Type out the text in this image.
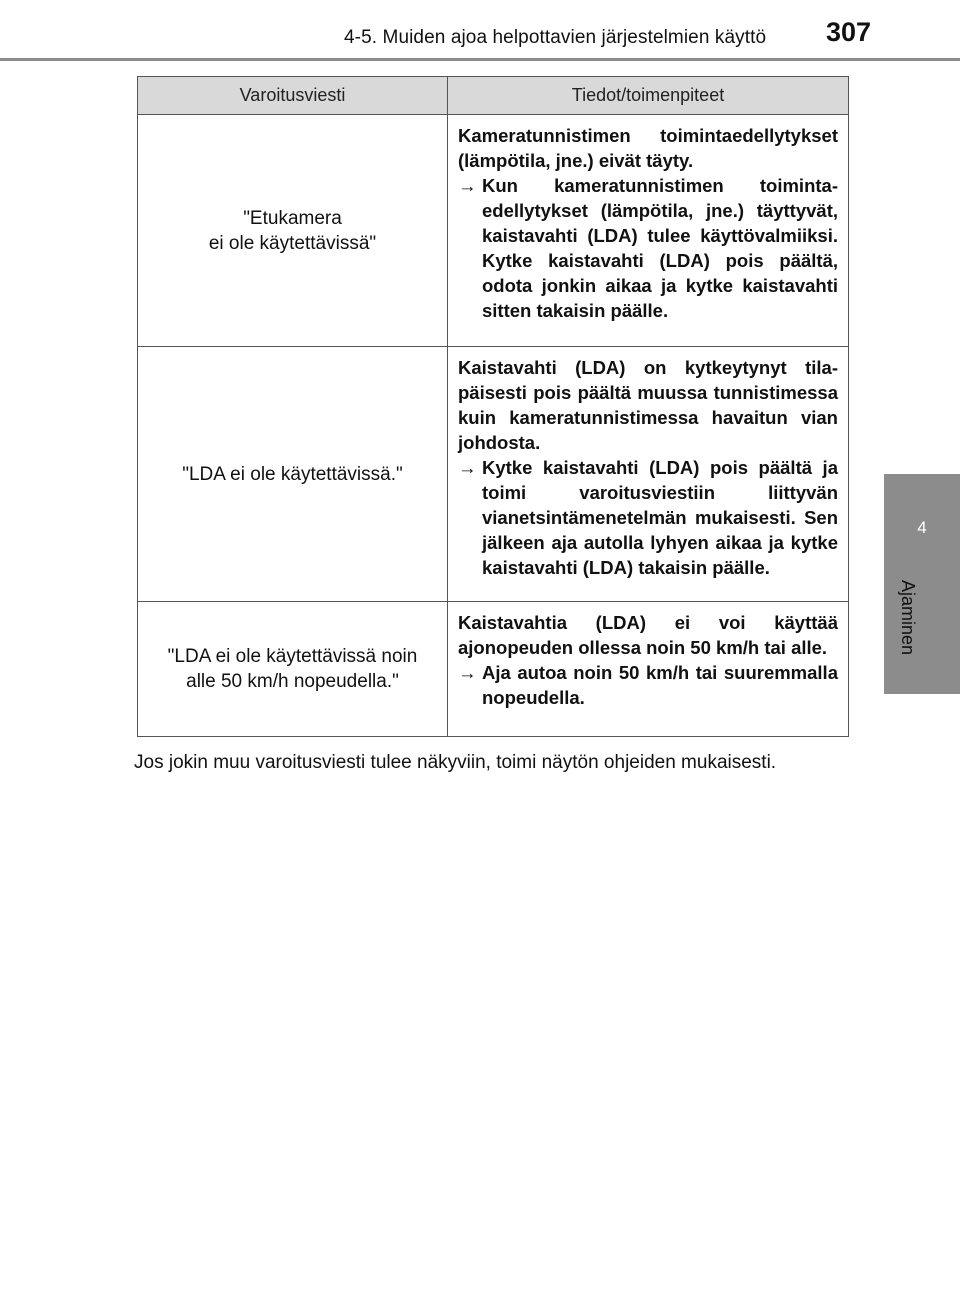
4-5. Muiden ajoa helpottavien järjestelmien käyttö 307
4
Ajaminen
Varoitusviesti	Tiedot/toimenpiteet
"Etukamera
ei ole käytettävissä"	Kameratunnistimen toimintaedellytykset (lämpötila, jne.) eivät täyty.
→ Kun kameratunnistimen toimintaedellytykset (lämpötila, jne.) täyttyvät, kaistavahti (LDA) tulee käyttövalmiiksi. Kytke kaistavahti (LDA) pois päältä, odota jonkin aikaa ja kytke kaistavahti sitten takaisin päälle.

"LDA ei ole käytettävissä."	Kaistavahti (LDA) on kytkeytynyt tilapäisesti pois päältä muussa tunnistimessa kuin kameratunnistimessa havaitun vian johdosta.
→ Kytke kaistavahti (LDA) pois päältä ja toimi varoitusviestiin liittyvän vianetsintämenetelmän mukaisesti. Sen jälkeen aja autolla lyhyen aikaa ja kytke kaistavahti (LDA) takaisin päälle.

"LDA ei ole käytettävissä noin
alle 50 km/h nopeudella."	Kaistavahtia (LDA) ei voi käyttää ajonopeuden ollessa noin 50 km/h tai alle.
→ Aja autoa noin 50 km/h tai suuremmalla nopeudella.
Jos jokin muu varoitusviesti tulee näkyviin, toimi näytön ohjeiden mukaisesti.
